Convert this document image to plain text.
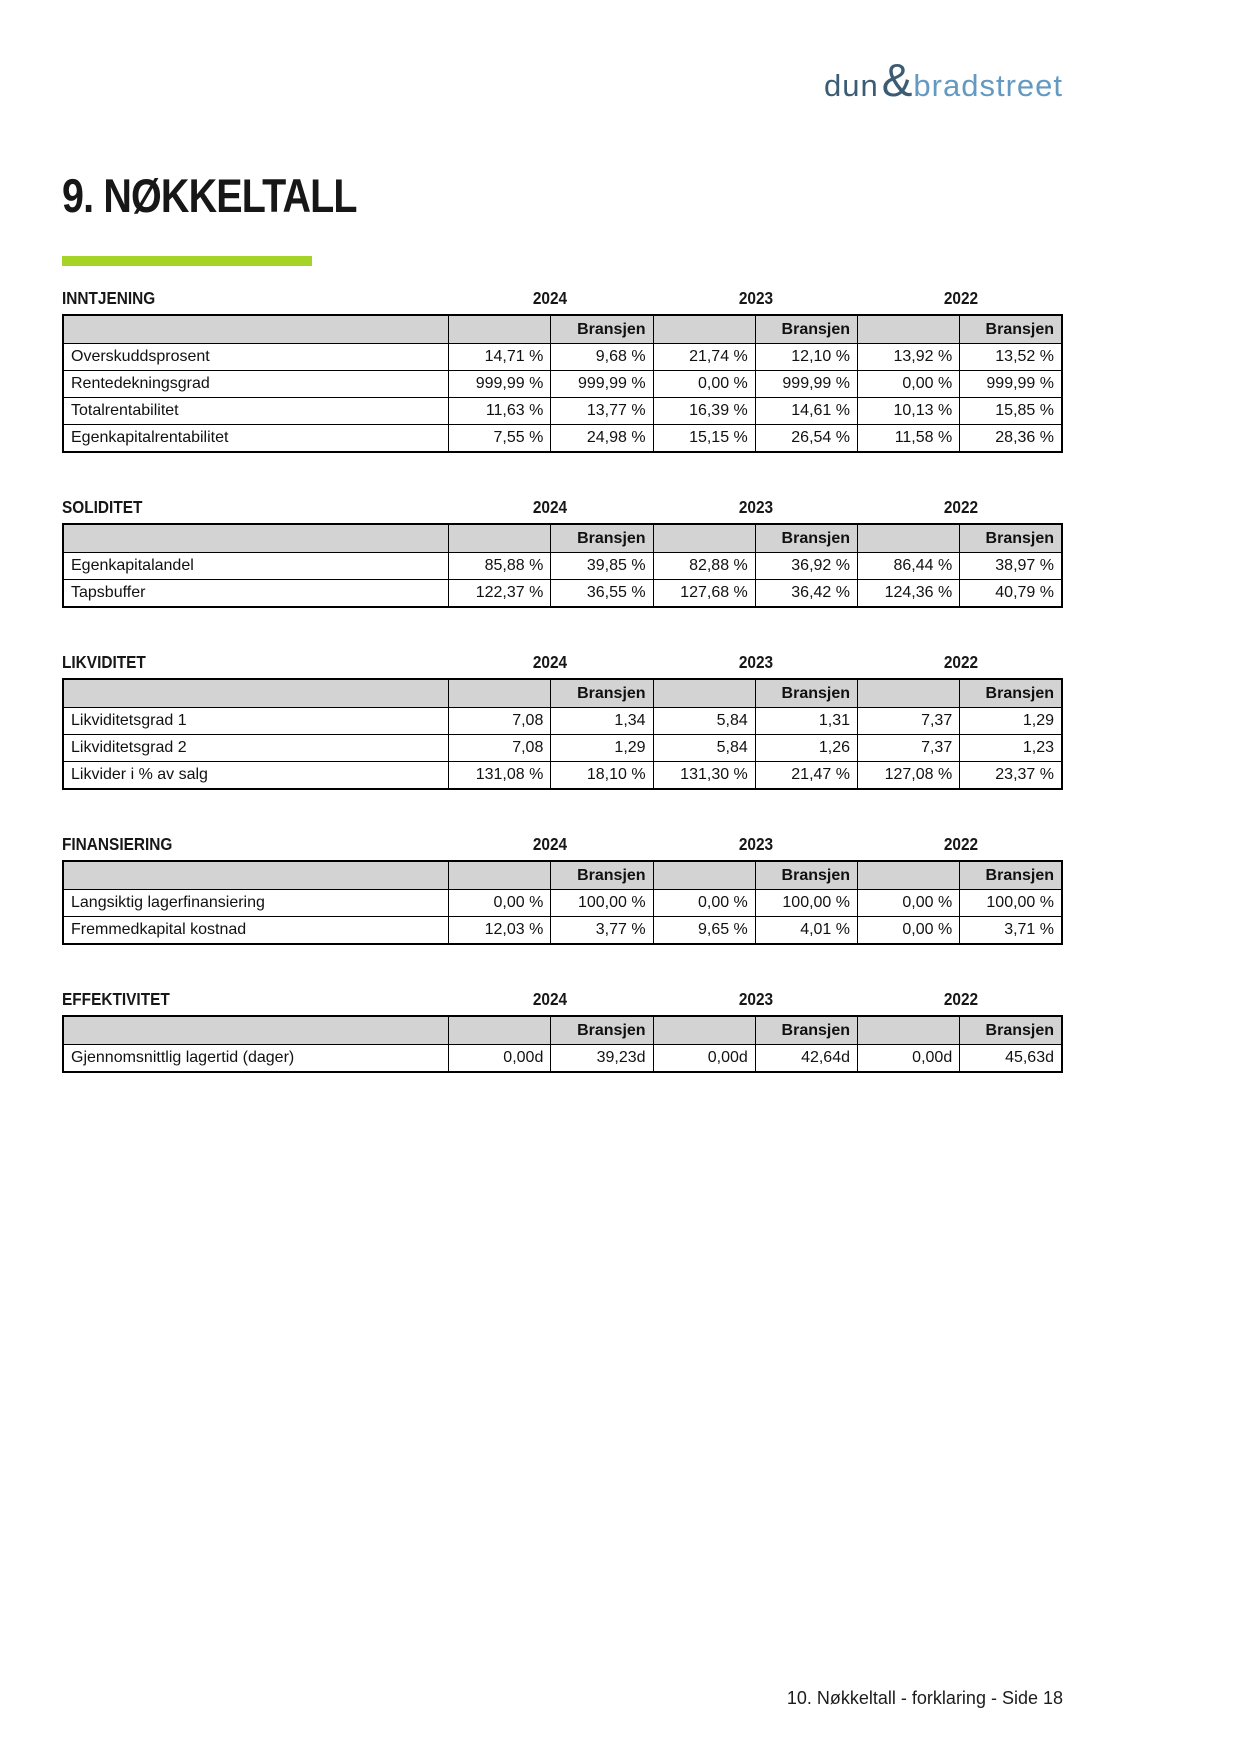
dun & bradstreet
9. NØKKELTALL
INNTJENING	2024	2023	2022
		Bransjen		Bransjen		Bransjen
Overskuddsprosent	14,71 %	9,68 %	21,74 %	12,10 %	13,92 %	13,52 %
Rentedekningsgrad	999,99 %	999,99 %	0,00 %	999,99 %	0,00 %	999,99 %
Totalrentabilitet	11,63 %	13,77 %	16,39 %	14,61 %	10,13 %	15,85 %
Egenkapitalrentabilitet	7,55 %	24,98 %	15,15 %	26,54 %	11,58 %	28,36 %
SOLIDITET	2024	2023	2022
		Bransjen		Bransjen		Bransjen
Egenkapitalandel	85,88 %	39,85 %	82,88 %	36,92 %	86,44 %	38,97 %
Tapsbuffer	122,37 %	36,55 %	127,68 %	36,42 %	124,36 %	40,79 %
LIKVIDITET	2024	2023	2022
		Bransjen		Bransjen		Bransjen
Likviditetsgrad 1	7,08	1,34	5,84	1,31	7,37	1,29
Likviditetsgrad 2	7,08	1,29	5,84	1,26	7,37	1,23
Likvider i % av salg	131,08 %	18,10 %	131,30 %	21,47 %	127,08 %	23,37 %
FINANSIERING	2024	2023	2022
		Bransjen		Bransjen		Bransjen
Langsiktig lagerfinansiering	0,00 %	100,00 %	0,00 %	100,00 %	0,00 %	100,00 %
Fremmedkapital kostnad	12,03 %	3,77 %	9,65 %	4,01 %	0,00 %	3,71 %
EFFEKTIVITET	2024	2023	2022
		Bransjen		Bransjen		Bransjen
Gjennomsnittlig lagertid (dager)	0,00d	39,23d	0,00d	42,64d	0,00d	45,63d
10. Nøkkeltall - forklaring - Side 18
